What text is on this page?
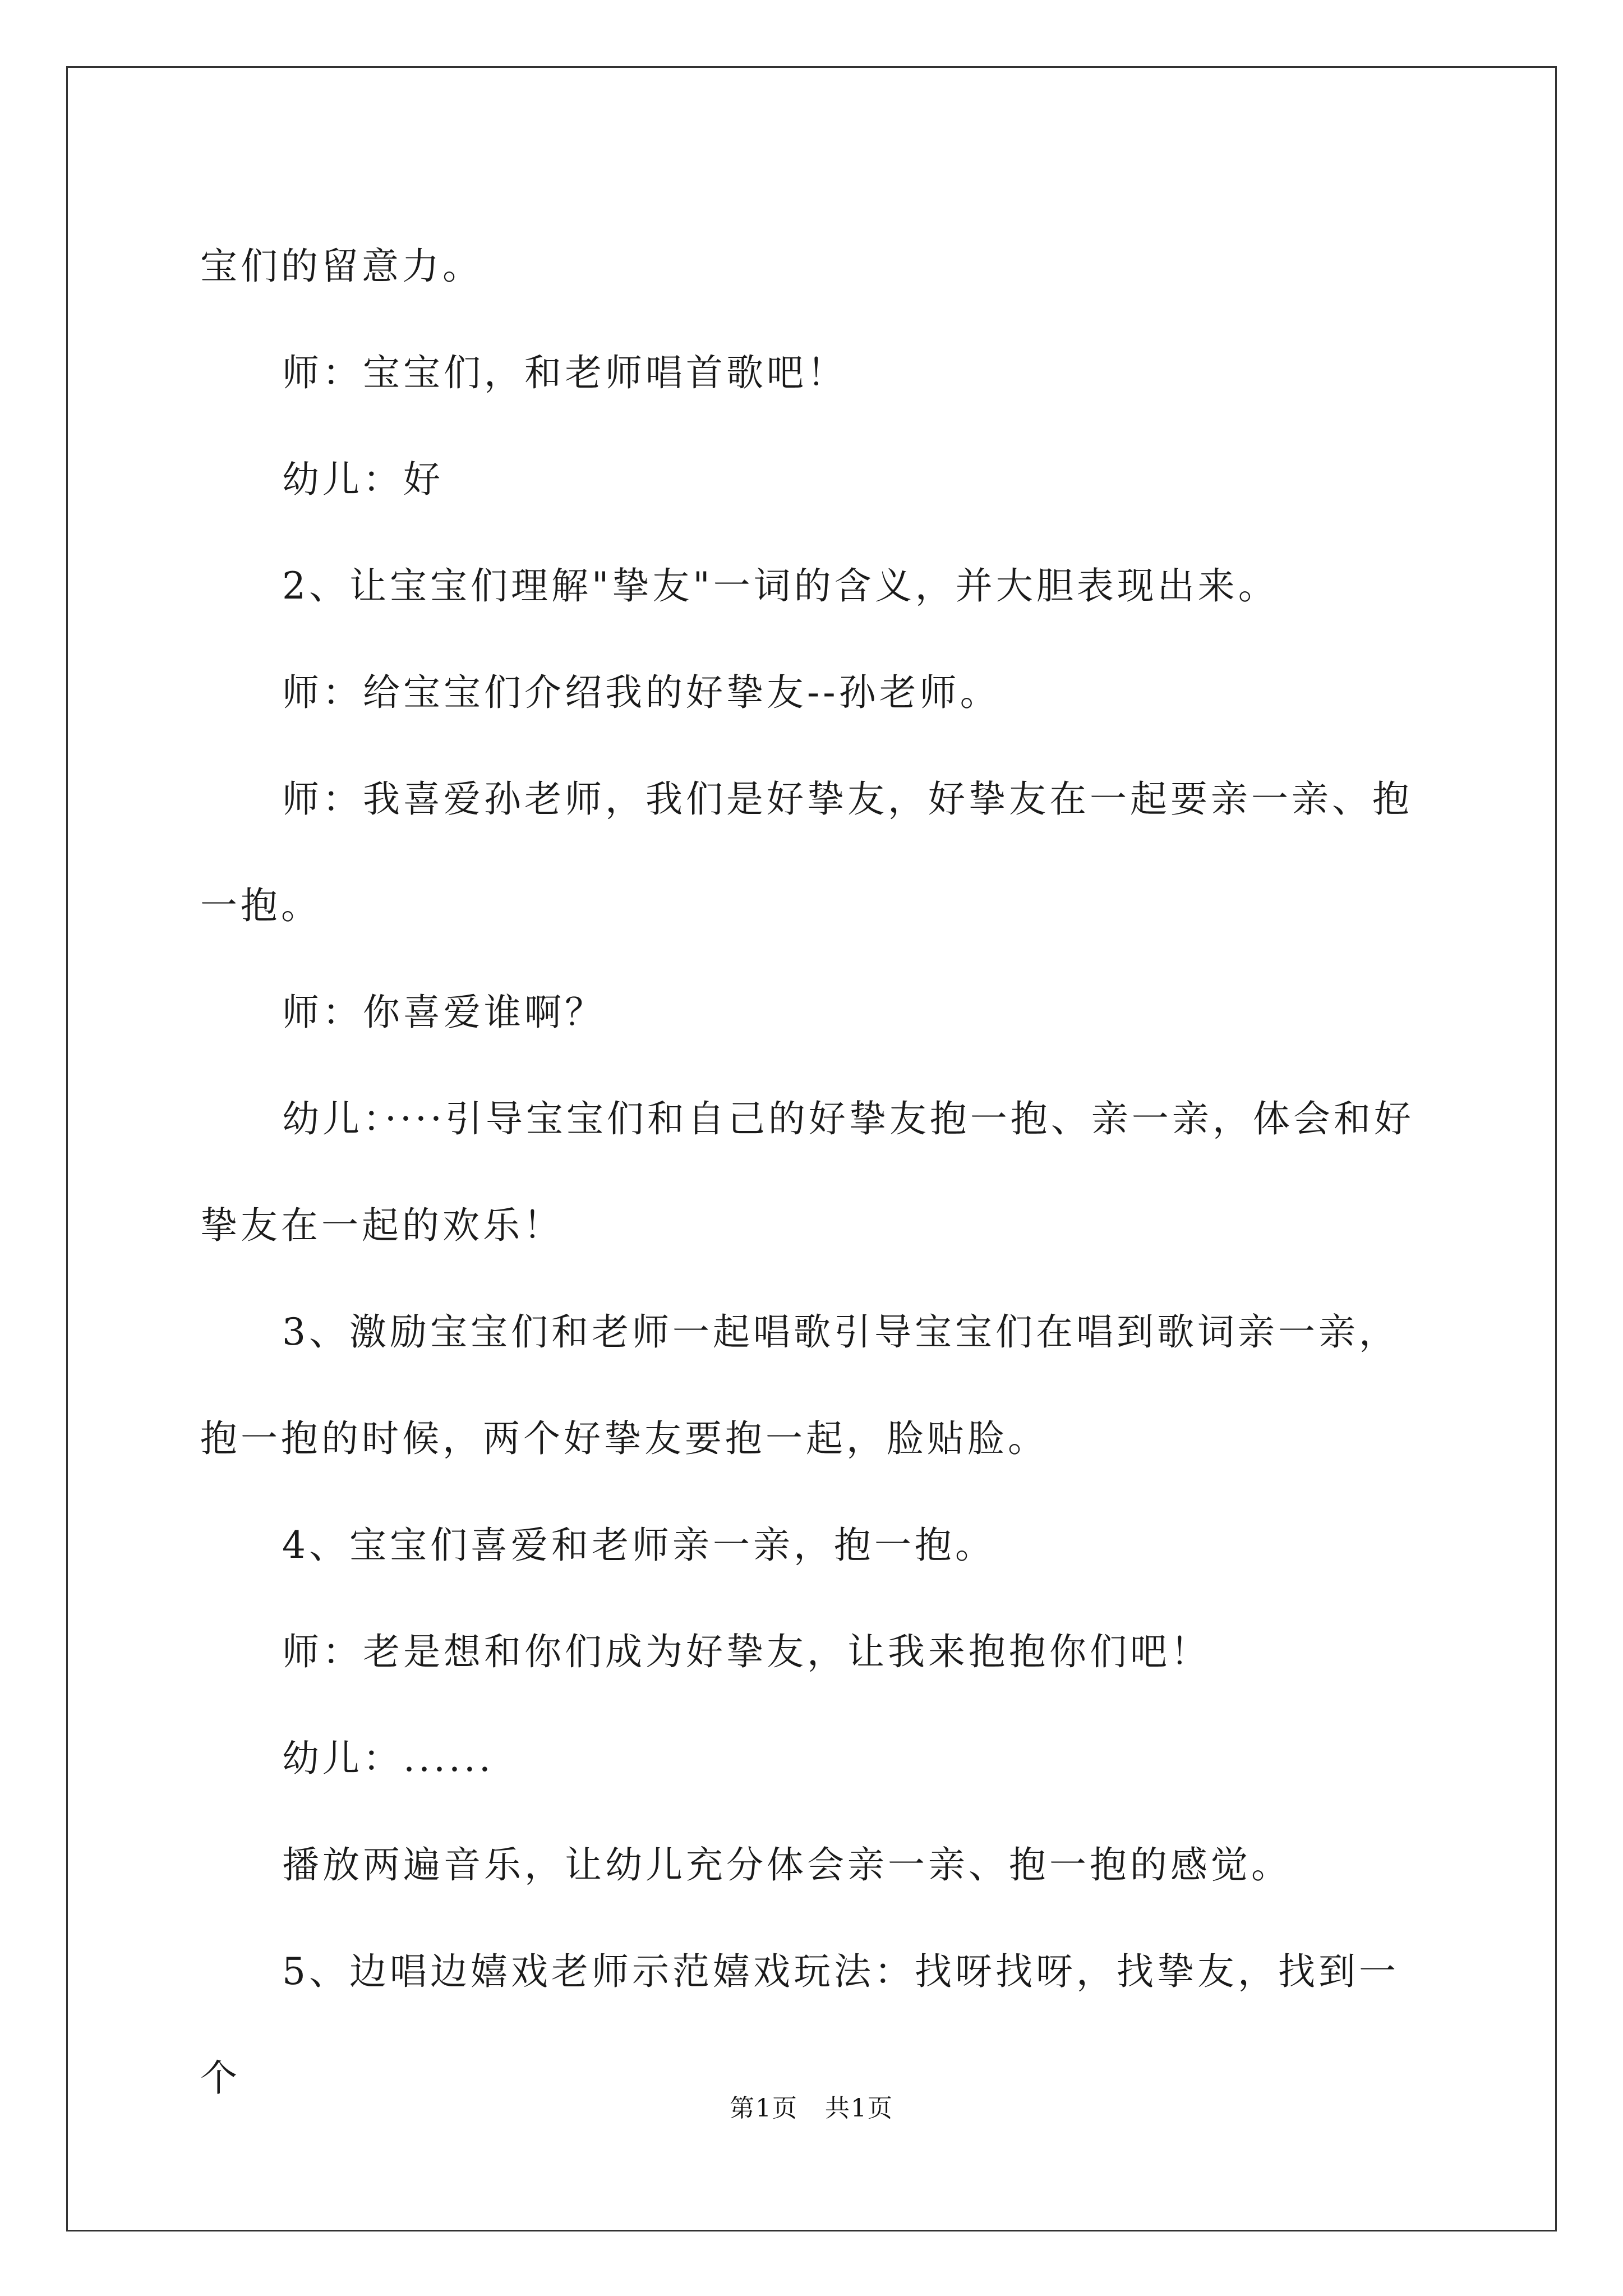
宝们的留意力。

师：宝宝们，和老师唱首歌吧！

幼儿：好

2、让宝宝们理解"挚友"一词的含义，并大胆表现出来。

师：给宝宝们介绍我的好挚友--孙老师。

师：我喜爱孙老师，我们是好挚友，好挚友在一起要亲一亲、抱一抱。

师：你喜爱谁啊？

幼儿：····引导宝宝们和自己的好挚友抱一抱、亲一亲，体会和好挚友在一起的欢乐！

3、激励宝宝们和老师一起唱歌引导宝宝们在唱到歌词亲一亲，抱一抱的时候，两个好挚友要抱一起，脸贴脸。

4、宝宝们喜爱和老师亲一亲，抱一抱。

师：老是想和你们成为好挚友，让我来抱抱你们吧！

幼儿：......

播放两遍音乐，让幼儿充分体会亲一亲、抱一抱的感觉。

5、边唱边嬉戏老师示范嬉戏玩法：找呀找呀，找挚友，找到一个

第1页 共1页
